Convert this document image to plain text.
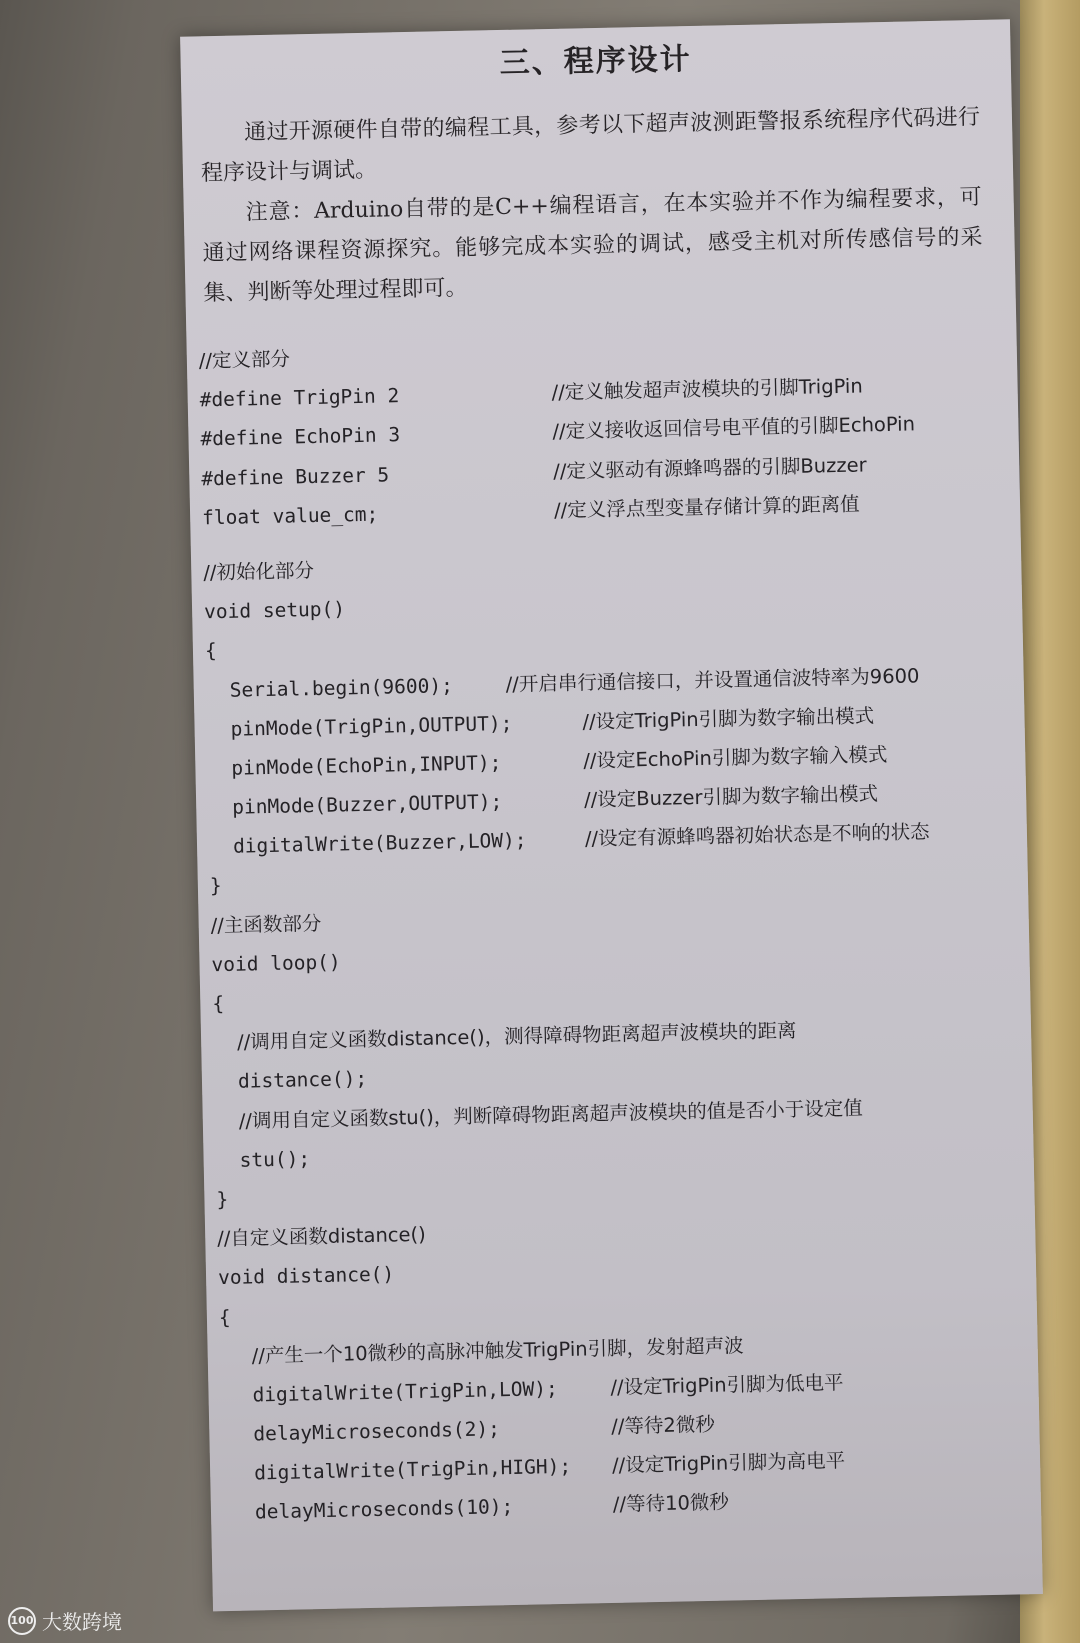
三、程序设计
通过开源硬件自带的编程工具，参考以下超声波测距警报系统程序代码进行程序设计与调试。
注意：Arduino自带的是C++编程语言，在本实验并不作为编程要求，可通过网络课程资源探究。能够完成本实验的调试，感受主机对所传感信号的采集、判断等处理过程即可。
//定义部分
#define TrigPin 2	//定义触发超声波模块的引脚TrigPin
#define EchoPin 3	//定义接收返回信号电平值的引脚EchoPin
#define Buzzer 5	//定义驱动有源蜂鸣器的引脚Buzzer
float value_cm;	//定义浮点型变量存储计算的距离值
//初始化部分
void setup()
{
Serial.begin(9600);	//开启串行通信接口，并设置通信波特率为9600
pinMode(TrigPin,OUTPUT);	//设定TrigPin引脚为数字输出模式
pinMode(EchoPin,INPUT);	//设定EchoPin引脚为数字输入模式
pinMode(Buzzer,OUTPUT);	//设定Buzzer引脚为数字输出模式
digitalWrite(Buzzer,LOW);	//设定有源蜂鸣器初始状态是不响的状态
}
//主函数部分
void loop()
{
//调用自定义函数distance()，测得障碍物距离超声波模块的距离
distance();
//调用自定义函数stu()，判断障碍物距离超声波模块的值是否小于设定值
stu();
}
//自定义函数distance()
void distance()
{
//产生一个10微秒的高脉冲触发TrigPin引脚，发射超声波
digitalWrite(TrigPin,LOW);	//设定TrigPin引脚为低电平
delayMicroseconds(2);	//等待2微秒
digitalWrite(TrigPin,HIGH); //设定TrigPin引脚为高电平
delayMicroseconds(10);	//等待10微秒
100 大数跨境
